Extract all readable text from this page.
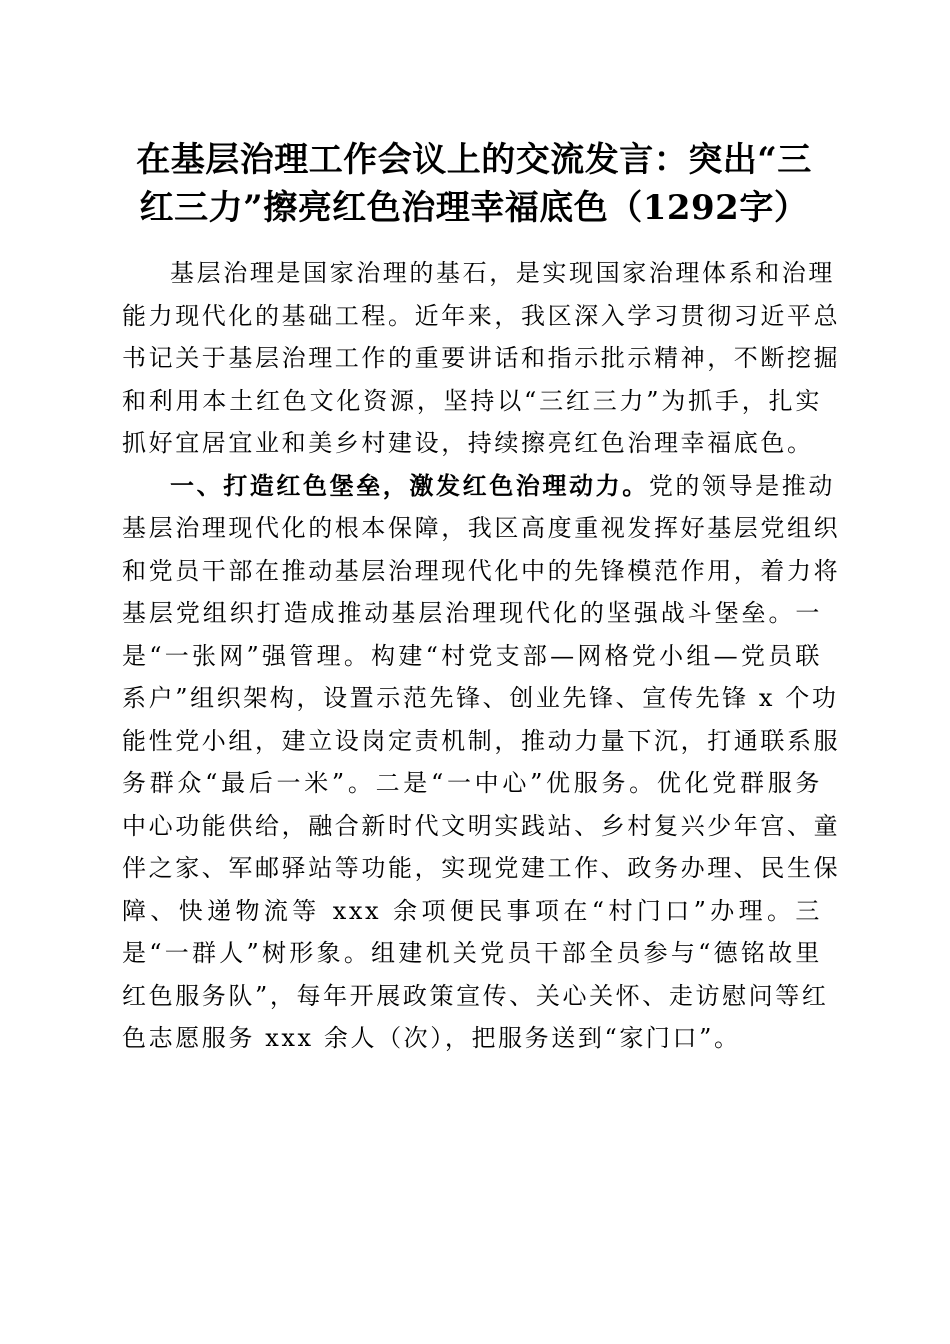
在基层治理工作会议上的交流发言：突出“三
红三力”擦亮红色治理幸福底色（1292字）
基层治理是国家治理的基石，是实现国家治理体系和治理
能力现代化的基础工程。近年来，我区深入学习贯彻习近平总
书记关于基层治理工作的重要讲话和指示批示精神，不断挖掘
和利用本土红色文化资源，坚持以“三红三力”为抓手，扎实
抓好宜居宜业和美乡村建设，持续擦亮红色治理幸福底色。
一、打造红色堡垒，激发红色治理动力。党的领导是推动
基层治理现代化的根本保障，我区高度重视发挥好基层党组织
和党员干部在推动基层治理现代化中的先锋模范作用，着力将
基层党组织打造成推动基层治理现代化的坚强战斗堡垒。一
是“一张网”强管理。构建“村党支部—网格党小组—党员联
系户”组织架构，设置示范先锋、创业先锋、宣传先锋 x 个功
能性党小组，建立设岗定责机制，推动力量下沉，打通联系服
务群众“最后一米”。二是“一中心”优服务。优化党群服务
中心功能供给，融合新时代文明实践站、乡村复兴少年宫、童
伴之家、军邮驿站等功能，实现党建工作、政务办理、民生保
障、快递物流等 xxx 余项便民事项在“村门口”办理。三
是“一群人”树形象。组建机关党员干部全员参与“德铭故里
红色服务队”，每年开展政策宣传、关心关怀、走访慰问等红
色志愿服务 xxx 余人（次），把服务送到“家门口”。
